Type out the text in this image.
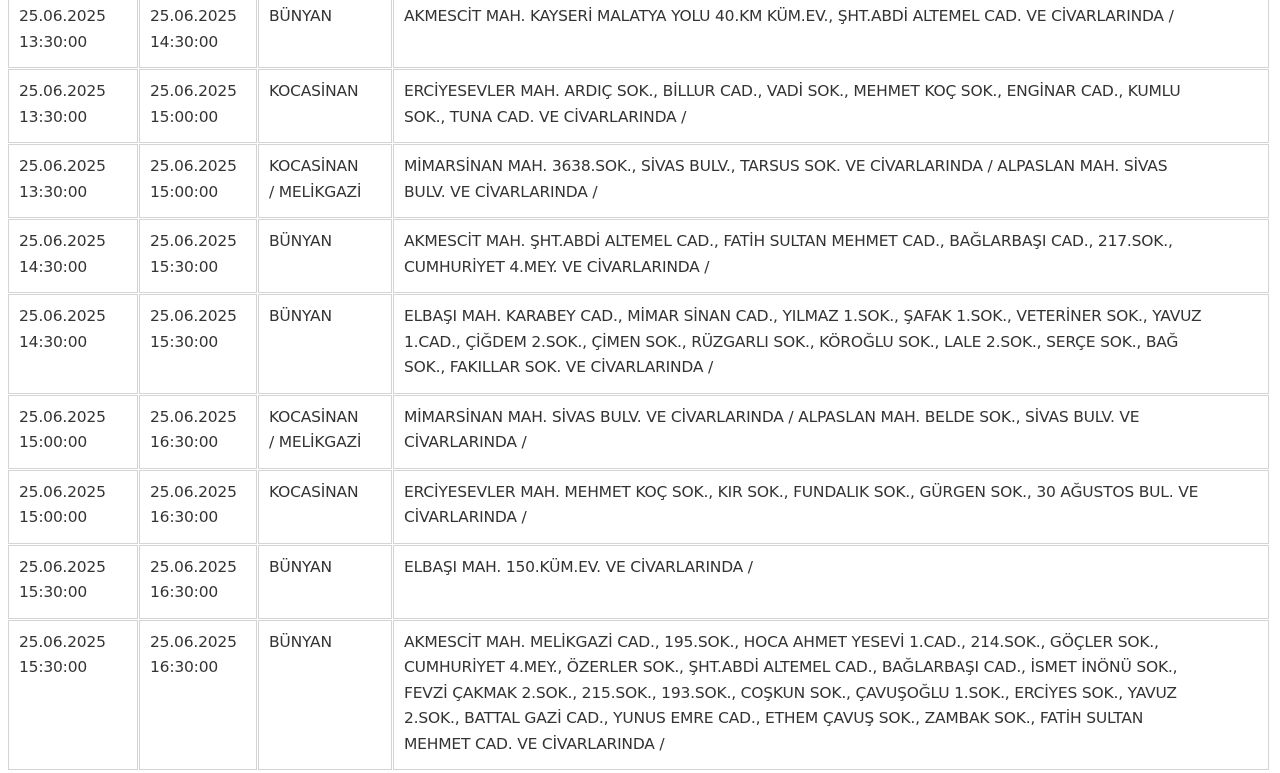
25.06.2025
13:30:00	25.06.2025
14:30:00	BÜNYAN	AKMESCİT MAH. KAYSERİ MALATYA YOLU 40.KM KÜM.EV., ŞHT.ABDİ ALTEMEL CAD. VE CİVARLARINDA /

25.06.2025
13:30:00	25.06.2025
15:00:00	KOCASİNAN	ERCİYESEVLER MAH. ARDIÇ SOK., BİLLUR CAD., VADİ SOK., MEHMET KOÇ SOK., ENGİNAR CAD., KUMLU
SOK., TUNA CAD. VE CİVARLARINDA /

25.06.2025
13:30:00	25.06.2025
15:00:00	KOCASİNAN
/ MELİKGAZİ	MİMARSİNAN MAH. 3638.SOK., SİVAS BULV., TARSUS SOK. VE CİVARLARINDA / ALPASLAN MAH. SİVAS
BULV. VE CİVARLARINDA /

25.06.2025
14:30:00	25.06.2025
15:30:00	BÜNYAN	AKMESCİT MAH. ŞHT.ABDİ ALTEMEL CAD., FATİH SULTAN MEHMET CAD., BAĞLARBAŞI CAD., 217.SOK.,
CUMHURİYET 4.MEY. VE CİVARLARINDA /

25.06.2025
14:30:00	25.06.2025
15:30:00	BÜNYAN	ELBAŞI MAH. KARABEY CAD., MİMAR SİNAN CAD., YILMAZ 1.SOK., ŞAFAK 1.SOK., VETERİNER SOK., YAVUZ
1.CAD., ÇİĞDEM 2.SOK., ÇİMEN SOK., RÜZGARLI SOK., KÖROĞLU SOK., LALE 2.SOK., SERÇE SOK., BAĞ
SOK., FAKILLAR SOK. VE CİVARLARINDA /

25.06.2025
15:00:00	25.06.2025
16:30:00	KOCASİNAN
/ MELİKGAZİ	MİMARSİNAN MAH. SİVAS BULV. VE CİVARLARINDA / ALPASLAN MAH. BELDE SOK., SİVAS BULV. VE
CİVARLARINDA /

25.06.2025
15:00:00	25.06.2025
16:30:00	KOCASİNAN	ERCİYESEVLER MAH. MEHMET KOÇ SOK., KIR SOK., FUNDALIK SOK., GÜRGEN SOK., 30 AĞUSTOS BUL. VE
CİVARLARINDA /

25.06.2025
15:30:00	25.06.2025
16:30:00	BÜNYAN	ELBAŞI MAH. 150.KÜM.EV. VE CİVARLARINDA /

25.06.2025
15:30:00	25.06.2025
16:30:00	BÜNYAN	AKMESCİT MAH. MELİKGAZİ CAD., 195.SOK., HOCA AHMET YESEVİ 1.CAD., 214.SOK., GÖÇLER SOK.,
CUMHURİYET 4.MEY., ÖZERLER SOK., ŞHT.ABDİ ALTEMEL CAD., BAĞLARBAŞI CAD., İSMET İNÖNÜ SOK.,
FEVZİ ÇAKMAK 2.SOK., 215.SOK., 193.SOK., COŞKUN SOK., ÇAVUŞOĞLU 1.SOK., ERCİYES SOK., YAVUZ
2.SOK., BATTAL GAZİ CAD., YUNUS EMRE CAD., ETHEM ÇAVUŞ SOK., ZAMBAK SOK., FATİH SULTAN
MEHMET CAD. VE CİVARLARINDA /
